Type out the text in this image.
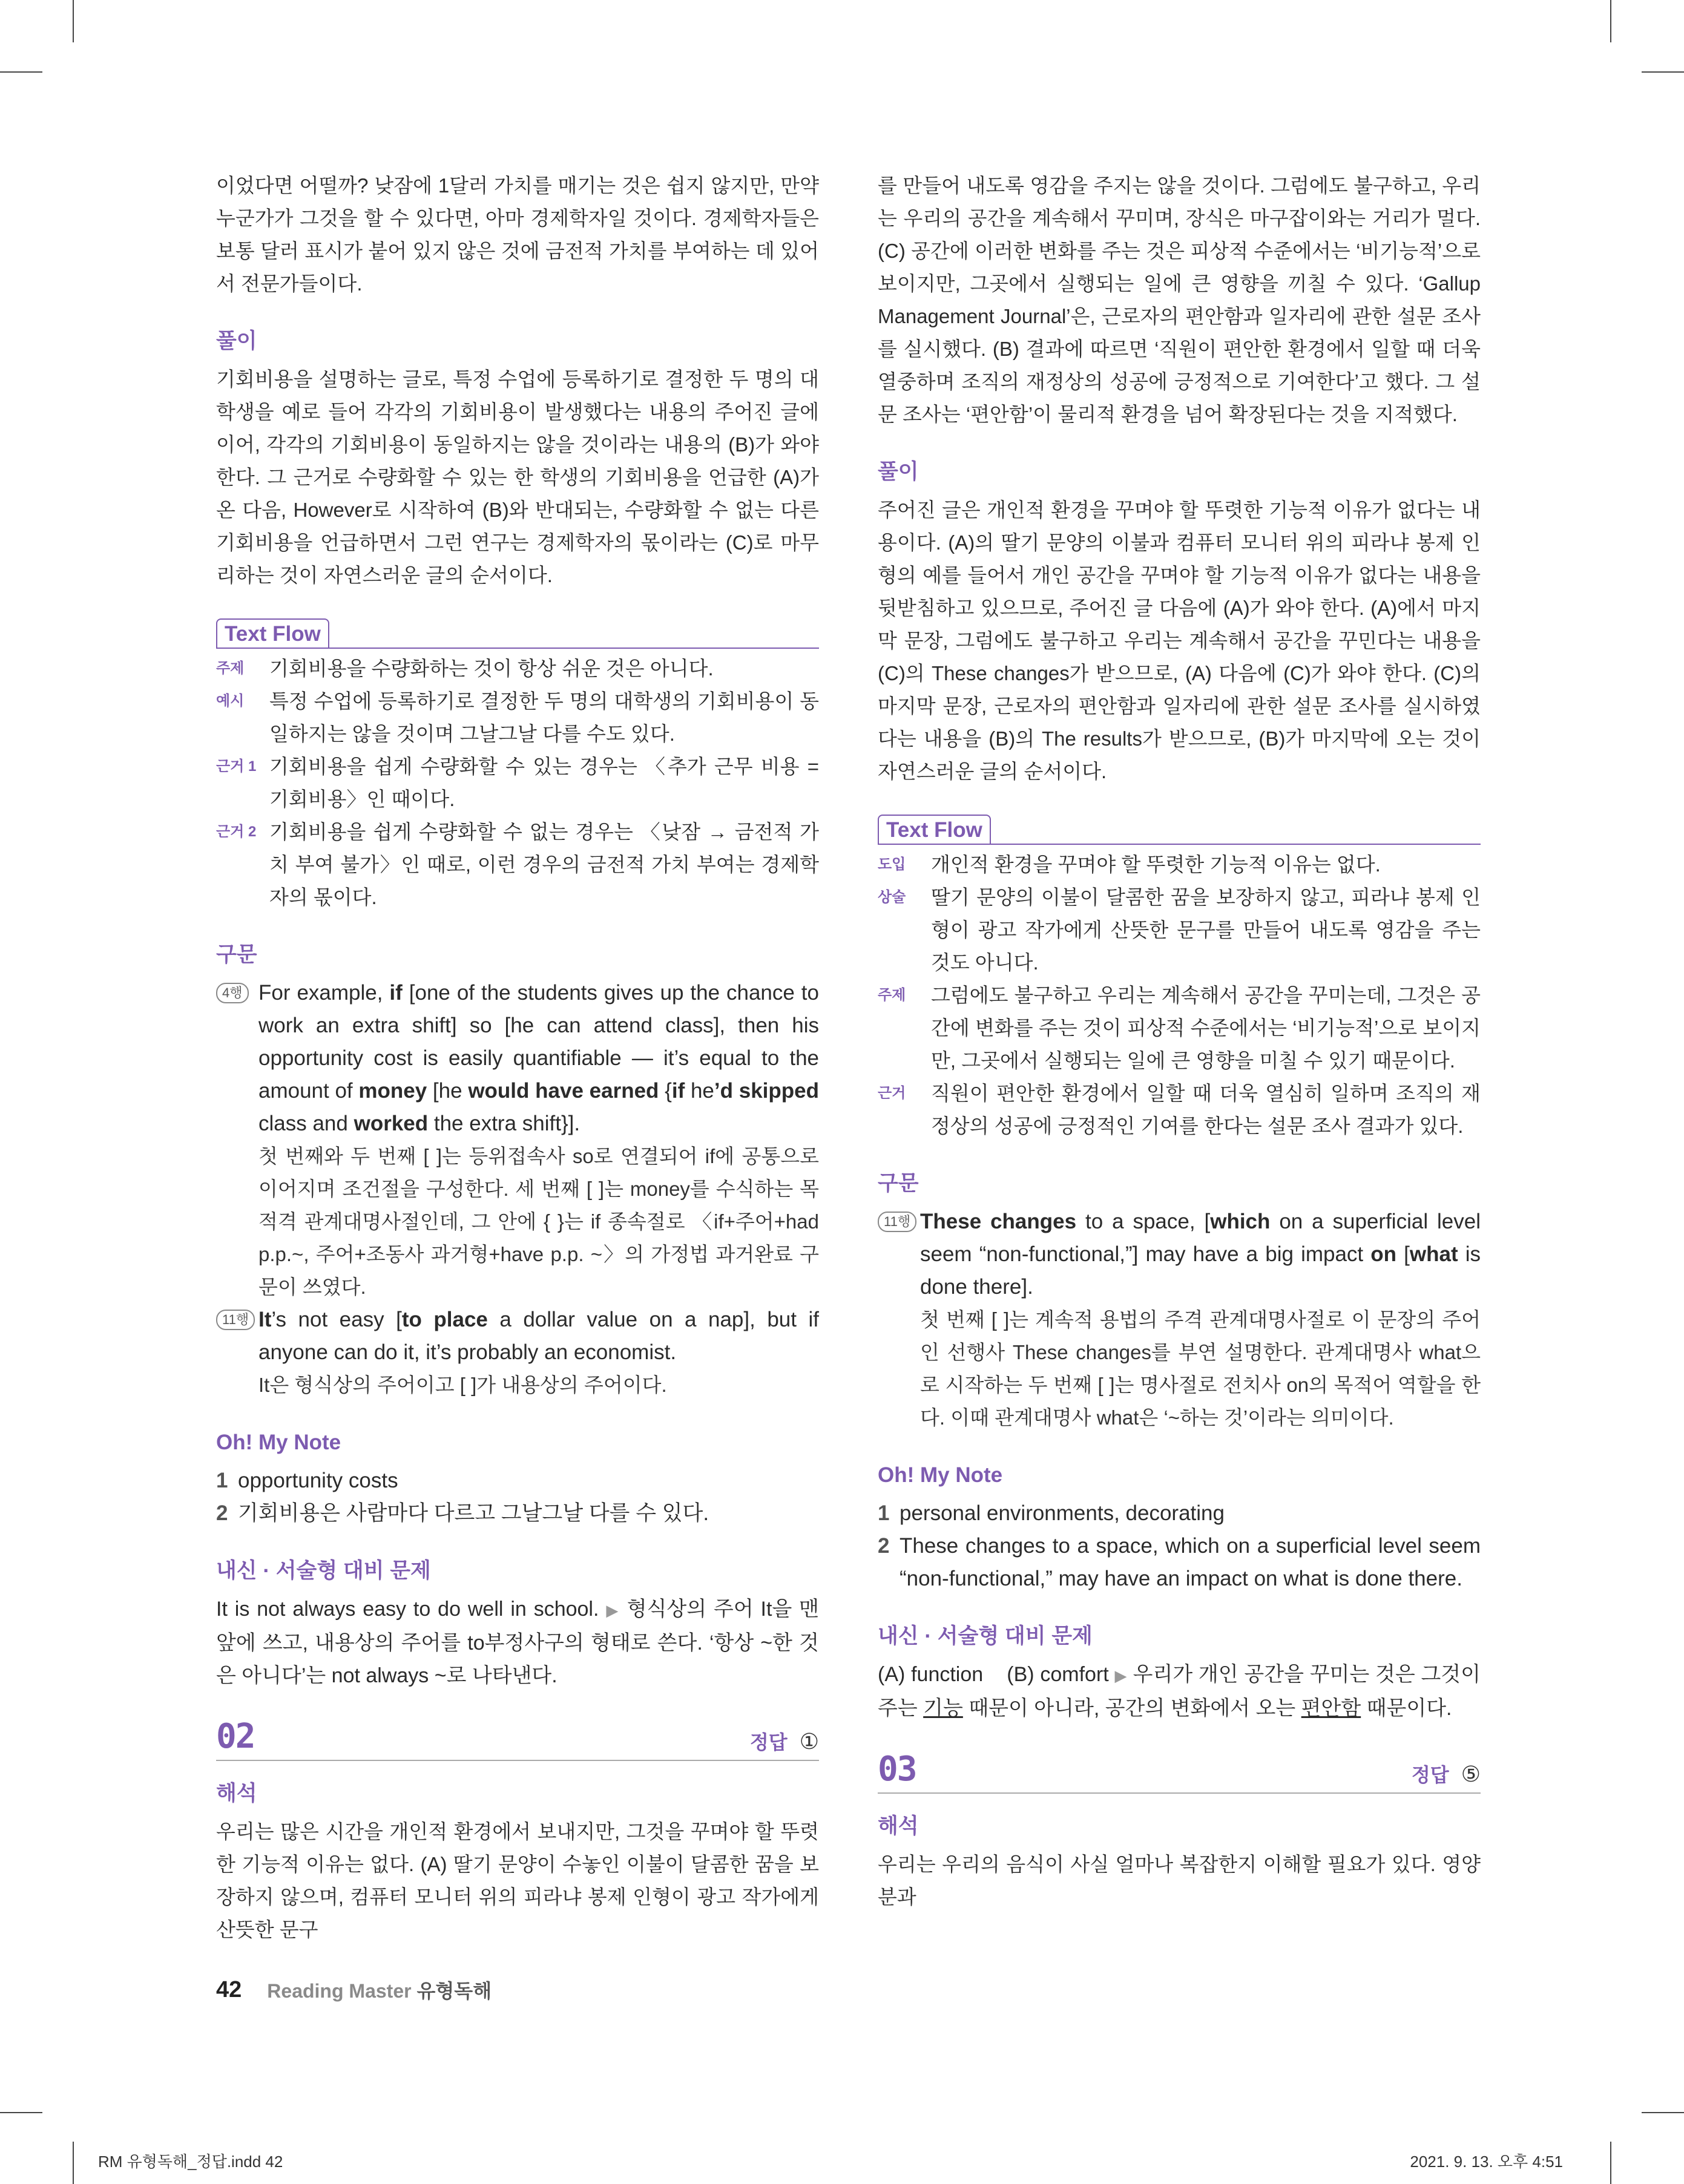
이었다면 어떨까? 낮잠에 1달러 가치를 매기는 것은 쉽지 않지만, 만약 누군가가 그것을 할 수 있다면, 아마 경제학자일 것이다. 경제학자들은 보통 달러 표시가 붙어 있지 않은 것에 금전적 가치를 부여하는 데 있어서 전문가들이다.

풀이

기회비용을 설명하는 글로, 특정 수업에 등록하기로 결정한 두 명의 대학생을 예로 들어 각각의 기회비용이 발생했다는 내용의 주어진 글에 이어, 각각의 기회비용이 동일하지는 않을 것이라는 내용의 (B)가 와야 한다. 그 근거로 수량화할 수 있는 한 학생의 기회비용을 언급한 (A)가 온 다음, However로 시작하여 (B)와 반대되는, 수량화할 수 없는 다른 기회비용을 언급하면서 그런 연구는 경제학자의 몫이라는 (C)로 마무리하는 것이 자연스러운 글의 순서이다.

Text Flow
주제	기회비용을 수량화하는 것이 항상 쉬운 것은 아니다.
예시	특정 수업에 등록하기로 결정한 두 명의 대학생의 기회비용이 동일하지는 않을 것이며 그날그날 다를 수도 있다.
근거 1 기회비용을 쉽게 수량화할 수 있는 경우는 〈추가 근무 비용 = 기회비용〉인 때이다.
근거 2 기회비용을 쉽게 수량화할 수 없는 경우는 〈낮잠 → 금전적 가치 부여 불가〉인 때로, 이런 경우의 금전적 가치 부여는 경제학자의 몫이다.
구문
4행 For example, if [one of the students gives up the chance to work an extra shift] so [he can attend class], then his opportunity cost is easily quantifiable — it’s equal to the amount of money [he would have earned {if he’d skipped class and worked the extra shift}].
첫 번째와 두 번째 [ ]는 등위접속사 so로 연결되어 if에 공통으로 이어지며 조건절을 구성한다. 세 번째 [ ]는 money를 수식하는 목적격 관계대명사절인데, 그 안에 { }는 if 종속절로 〈if+주어+had p.p.~, 주어+조동사 과거형+have p.p. ~〉의 가정법 과거완료 구문이 쓰였다.
11행 It’s not easy [to place a dollar value on a nap], but if anyone can do it, it’s probably an economist.
It은 형식상의 주어이고 [ ]가 내용상의 주어이다.
Oh! My Note
1 opportunity costs
2 기회비용은 사람마다 다르고 그날그날 다를 수 있다.
내신 · 서술형 대비 문제
It is not always easy to do well in school. ▶ 형식상의 주어 It을 맨 앞에 쓰고, 내용상의 주어를 to부정사구의 형태로 쓴다. ‘항상 ~한 것은 아니다’는 not always ~로 나타낸다.
02	정답 ①
해석

우리는 많은 시간을 개인적 환경에서 보내지만, 그것을 꾸며야 할 뚜렷한 기능적 이유는 없다. (A) 딸기 문양이 수놓인 이불이 달콤한 꿈을 보장하지 않으며, 컴퓨터 모니터 위의 피라냐 봉제 인형이 광고 작가에게 산뜻한 문구

를 만들어 내도록 영감을 주지는 않을 것이다. 그럼에도 불구하고, 우리는 우리의 공간을 계속해서 꾸미며, 장식은 마구잡이와는 거리가 멀다. (C) 공간에 이러한 변화를 주는 것은 피상적 수준에서는 ‘비기능적’으로 보이지만, 그곳에서 실행되는 일에 큰 영향을 끼칠 수 있다. ‘Gallup Management Journal’은, 근로자의 편안함과 일자리에 관한 설문 조사를 실시했다. (B) 결과에 따르면 ‘직원이 편안한 환경에서 일할 때 더욱 열중하며 조직의 재정상의 성공에 긍정적으로 기여한다’고 했다. 그 설문 조사는 ‘편안함’이 물리적 환경을 넘어 확장된다는 것을 지적했다.

풀이

주어진 글은 개인적 환경을 꾸며야 할 뚜렷한 기능적 이유가 없다는 내용이다. (A)의 딸기 문양의 이불과 컴퓨터 모니터 위의 피라냐 봉제 인형의 예를 들어서 개인 공간을 꾸며야 할 기능적 이유가 없다는 내용을 뒷받침하고 있으므로, 주어진 글 다음에 (A)가 와야 한다. (A)에서 마지막 문장, 그럼에도 불구하고 우리는 계속해서 공간을 꾸민다는 내용을 (C)의 These changes가 받으므로, (A) 다음에 (C)가 와야 한다. (C)의 마지막 문장, 근로자의 편안함과 일자리에 관한 설문 조사를 실시하였다는 내용을 (B)의 The results가 받으므로, (B)가 마지막에 오는 것이 자연스러운 글의 순서이다.

Text Flow
도입	개인적 환경을 꾸며야 할 뚜렷한 기능적 이유는 없다.
상술	딸기 문양의 이불이 달콤한 꿈을 보장하지 않고, 피라냐 봉제 인형이 광고 작가에게 산뜻한 문구를 만들어 내도록 영감을 주는 것도 아니다.
주제	그럼에도 불구하고 우리는 계속해서 공간을 꾸미는데, 그것은 공간에 변화를 주는 것이 피상적 수준에서는 ‘비기능적’으로 보이지만, 그곳에서 실행되는 일에 큰 영향을 미칠 수 있기 때문이다.
근거	직원이 편안한 환경에서 일할 때 더욱 열심히 일하며 조직의 재정상의 성공에 긍정적인 기여를 한다는 설문 조사 결과가 있다.
구문
11행 These changes to a space, [which on a superficial level seem “non-functional,”] may have a big impact on [what is done there].
첫 번째 [ ]는 계속적 용법의 주격 관계대명사절로 이 문장의 주어인 선행사 These changes를 부연 설명한다. 관계대명사 what으로 시작하는 두 번째 [ ]는 명사절로 전치사 on의 목적어 역할을 한다. 이때 관계대명사 what은 ‘~하는 것’이라는 의미이다.
Oh! My Note
1 personal environments, decorating
2 These changes to a space, which on a superficial level seem “non-functional,” may have an impact on what is done there.
내신 · 서술형 대비 문제
(A) function (B) comfort ▶ 우리가 개인 공간을 꾸미는 것은 그것이 주는 기능 때문이 아니라, 공간의 변화에서 오는 편안함 때문이다.
03	정답 ⑤
해석

우리는 우리의 음식이 사실 얼마나 복잡한지 이해할 필요가 있다. 영양분과

42 Reading Master 유형독해
RM 유형독해_정답.indd 42	2021. 9. 13. 오후 4:51
